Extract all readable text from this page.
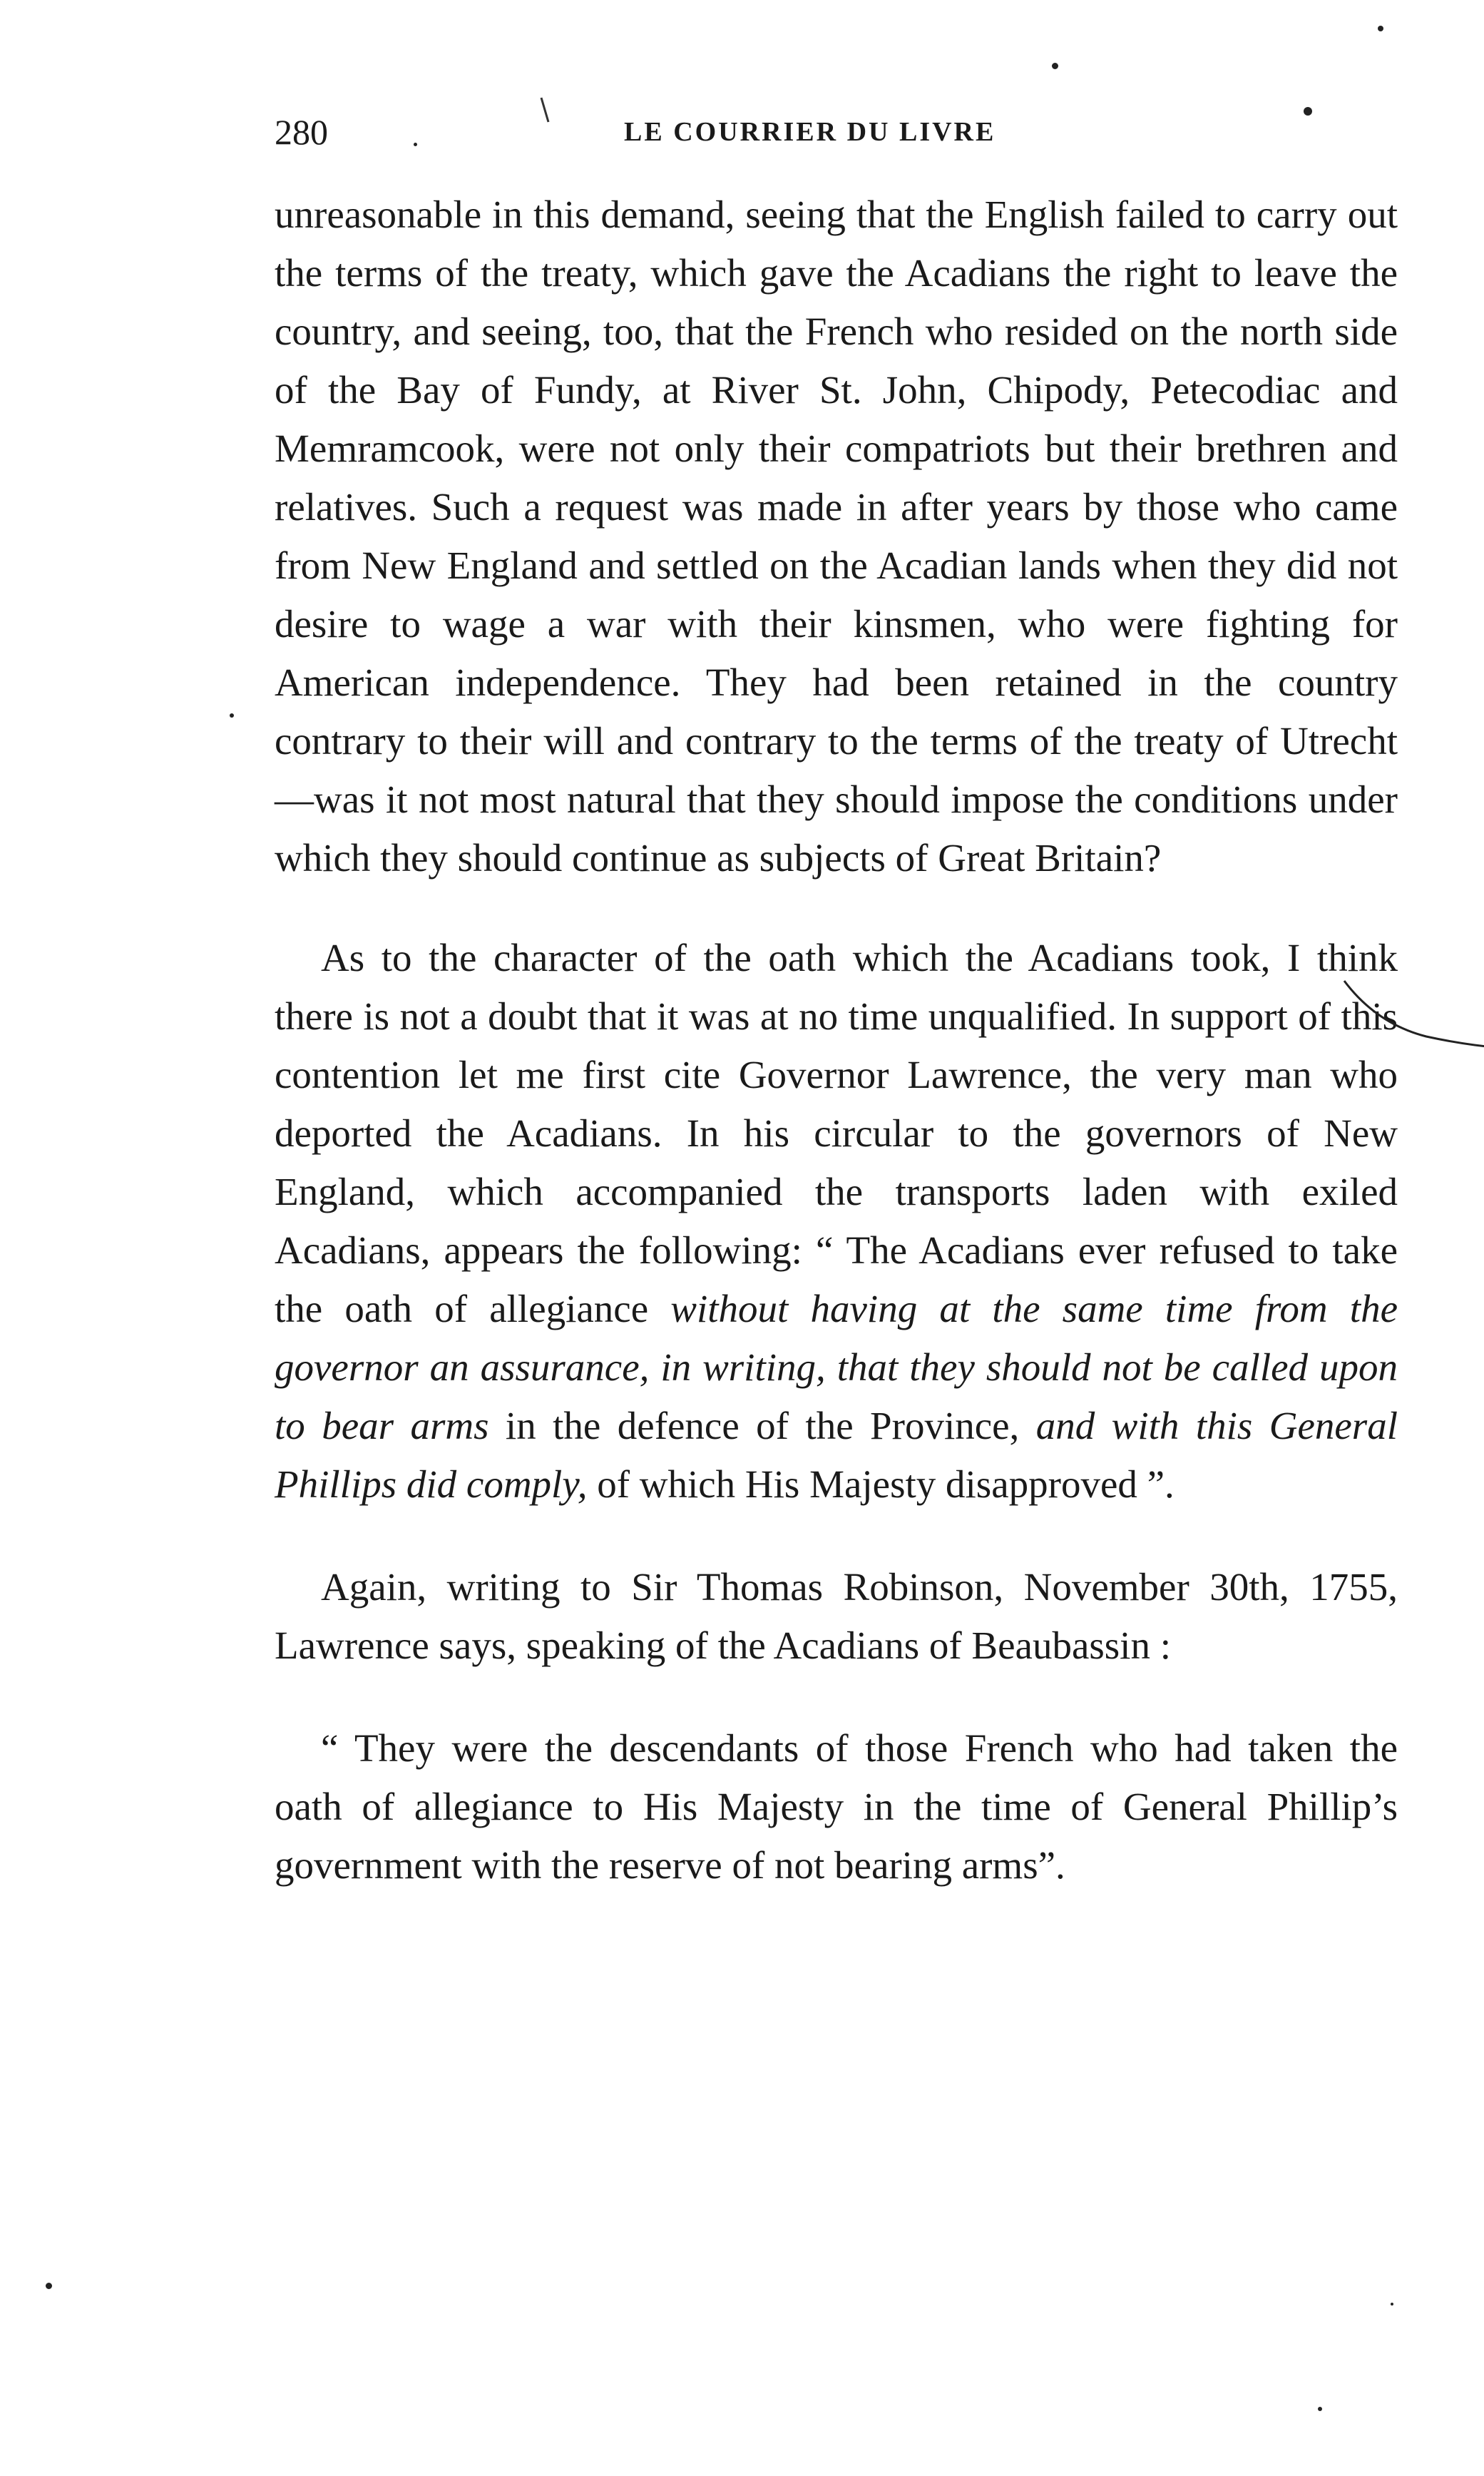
280	LE COURRIER DU LIVRE

unreasonable in this demand, seeing that the English failed to carry out the terms of the treaty, which gave the Acadians the right to leave the country, and seeing, too, that the French who resided on the north side of the Bay of Fundy, at River St. John, Chipody, Petecodiac and Memramcook, were not only their compatriots but their brethren and relatives. Such a request was made in after years by those who came from New England and settled on the Acadian lands when they did not desire to wage a war with their kinsmen, who were fighting for American independence. They had been retained in the country contrary to their will and contrary to the terms of the treaty of Utrecht—was it not most natural that they should impose the conditions under which they should continue as subjects of Great Britain?

As to the character of the oath which the Acadians took, I think there is not a doubt that it was at no time unqualified. In support of this contention let me first cite Governor Lawrence, the very man who deported the Acadians. In his circular to the governors of New England, which accompanied the transports laden with exiled Acadians, appears the following: “ The Acadians ever refused to take the oath of allegiance without having at the same time from the governor an assurance, in writing, that they should not be called upon to bear arms in the defence of the Province, and with this General Phillips did comply, of which His Majesty disapproved ”.

Again, writing to Sir Thomas Robinson, November 30th, 1755, Lawrence says, speaking of the Acadians of Beaubassin :

“ They were the descendants of those French who had taken the oath of allegiance to His Majesty in the time of General Phillip’s government with the reserve of not bearing arms”.
